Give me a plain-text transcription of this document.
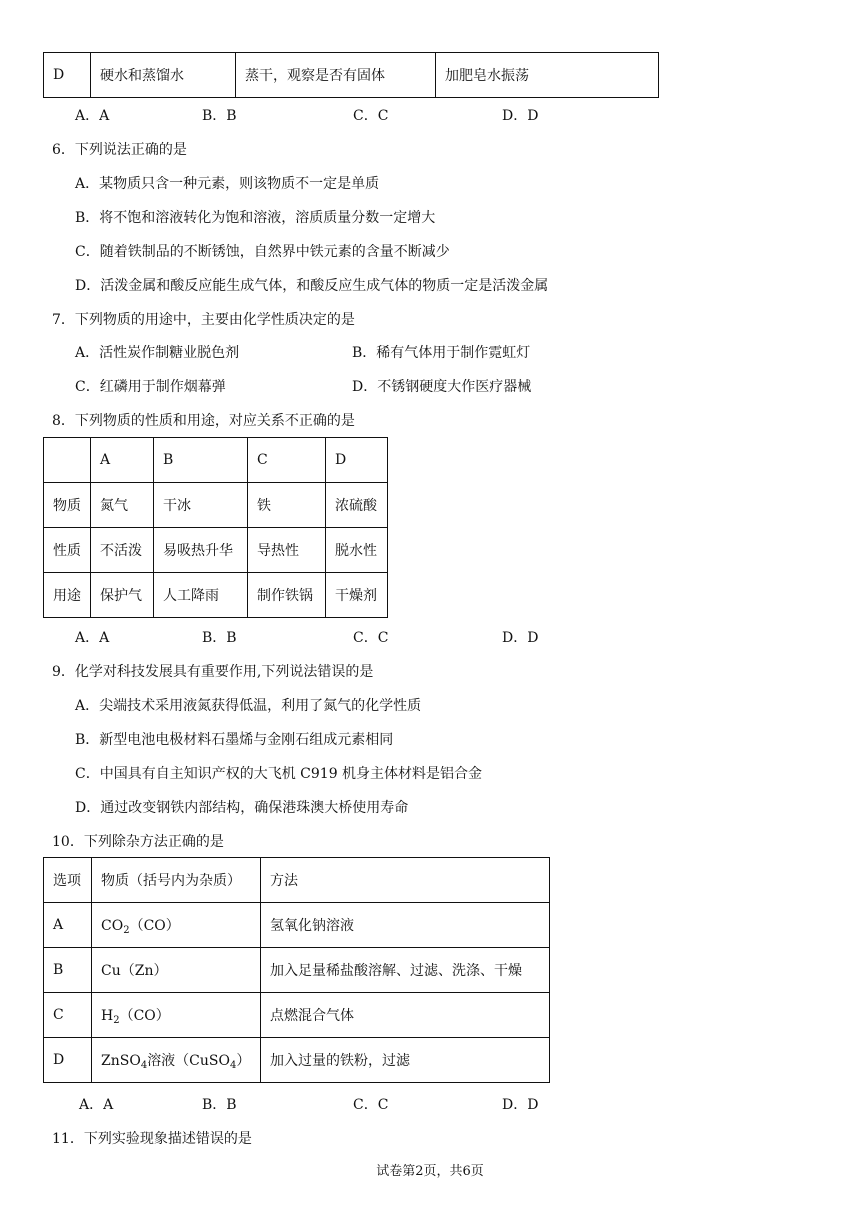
D	硬水和蒸馏水	蒸干，观察是否有固体	加肥皂水振荡
A．A	B．B	C．C	D．D
6．下列说法正确的是
A．某物质只含一种元素，则该物质不一定是单质
B．将不饱和溶液转化为饱和溶液，溶质质量分数一定增大
C．随着铁制品的不断锈蚀，自然界中铁元素的含量不断减少
D．活泼金属和酸反应能生成气体，和酸反应生成气体的物质一定是活泼金属
7．下列物质的用途中，主要由化学性质决定的是
A．活性炭作制糖业脱色剂	B．稀有气体用于制作霓虹灯
C．红磷用于制作烟幕弹	D．不锈钢硬度大作医疗器械
8．下列物质的性质和用途，对应关系不正确的是
	A	B	C	D
物质	氮气	干冰	铁	浓硫酸
性质	不活泼	易吸热升华	导热性	脱水性
用途	保护气	人工降雨	制作铁锅	干燥剂
A．A	B．B	C．C	D．D
9．化学对科技发展具有重要作用,下列说法错误的是
A．尖端技术采用液氮获得低温，利用了氮气的化学性质
B．新型电池电极材料石墨烯与金刚石组成元素相同
C．中国具有自主知识产权的大飞机 C919 机身主体材料是铝合金
D．通过改变钢铁内部结构，确保港珠澳大桥使用寿命
10．下列除杂方法正确的是
选项	物质（括号内为杂质）	方法
A	$CO_2(CO)$	氢氧化钠溶液
B	Cu（Zn）	加入足量稀盐酸溶解、过滤、洗涤、干燥
C	$H_2(CO)$	点燃混合气体
D	ZnSO$_4$溶液（CuSO$_4$）	加入过量的铁粉，过滤
A．A	B．B	C．C	D．D
11．下列实验现象描述错误的是
试卷第2页，共6页
